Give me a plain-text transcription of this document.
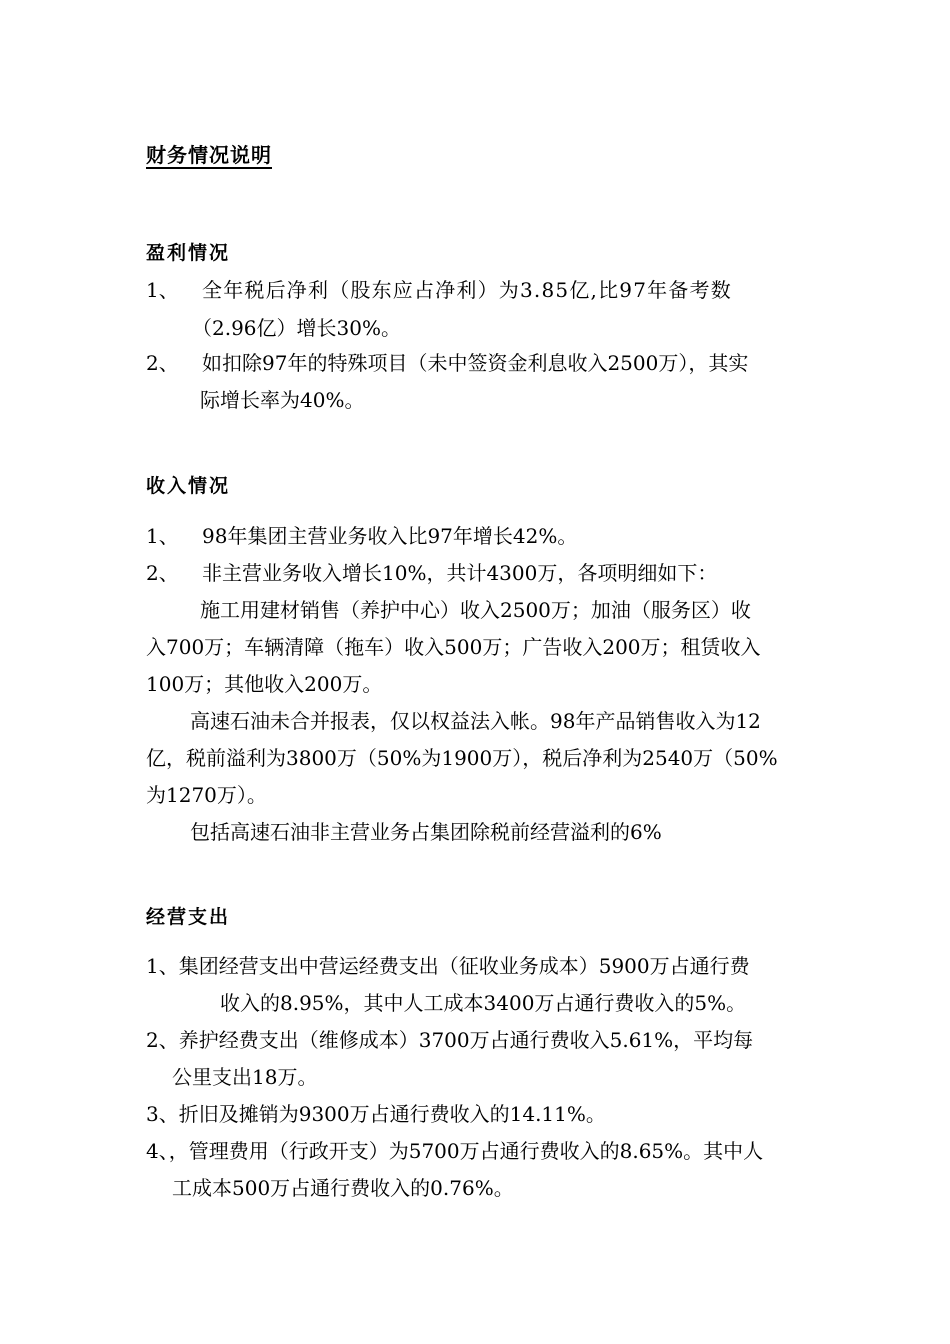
财务情况说明
盈利情况
1、 全年税后净利（股东应占净利）为3.85亿,比97年备考数
（2.96亿）增长30%。
2、 如扣除97年的特殊项目（未中签资金利息收入2500万），其实
际增长率为40%。
收入情况
1、 98年集团主营业务收入比97年增长42%。
2、 非主营业务收入增长10%，共计4300万，各项明细如下：
施工用建材销售（养护中心）收入2500万；加油（服务区）收
入700万；车辆清障（拖车）收入500万；广告收入200万；租赁收入
100万；其他收入200万。
高速石油未合并报表，仅以权益法入帐。98年产品销售收入为12
亿，税前溢利为3800万（50%为1900万），税后净利为2540万（50%
为1270万）。
包括高速石油非主营业务占集团除税前经营溢利的6%
经营支出
1、集团经营支出中营运经费支出（征收业务成本）5900万占通行费
收入的8.95%，其中人工成本3400万占通行费收入的5%。
2、养护经费支出（维修成本）3700万占通行费收入5.61%，平均每
公里支出18万。
3、折旧及摊销为9300万占通行费收入的14.11%。
4、，管理费用（行政开支）为5700万占通行费收入的8.65%。其中人
工成本500万占通行费收入的0.76%。
